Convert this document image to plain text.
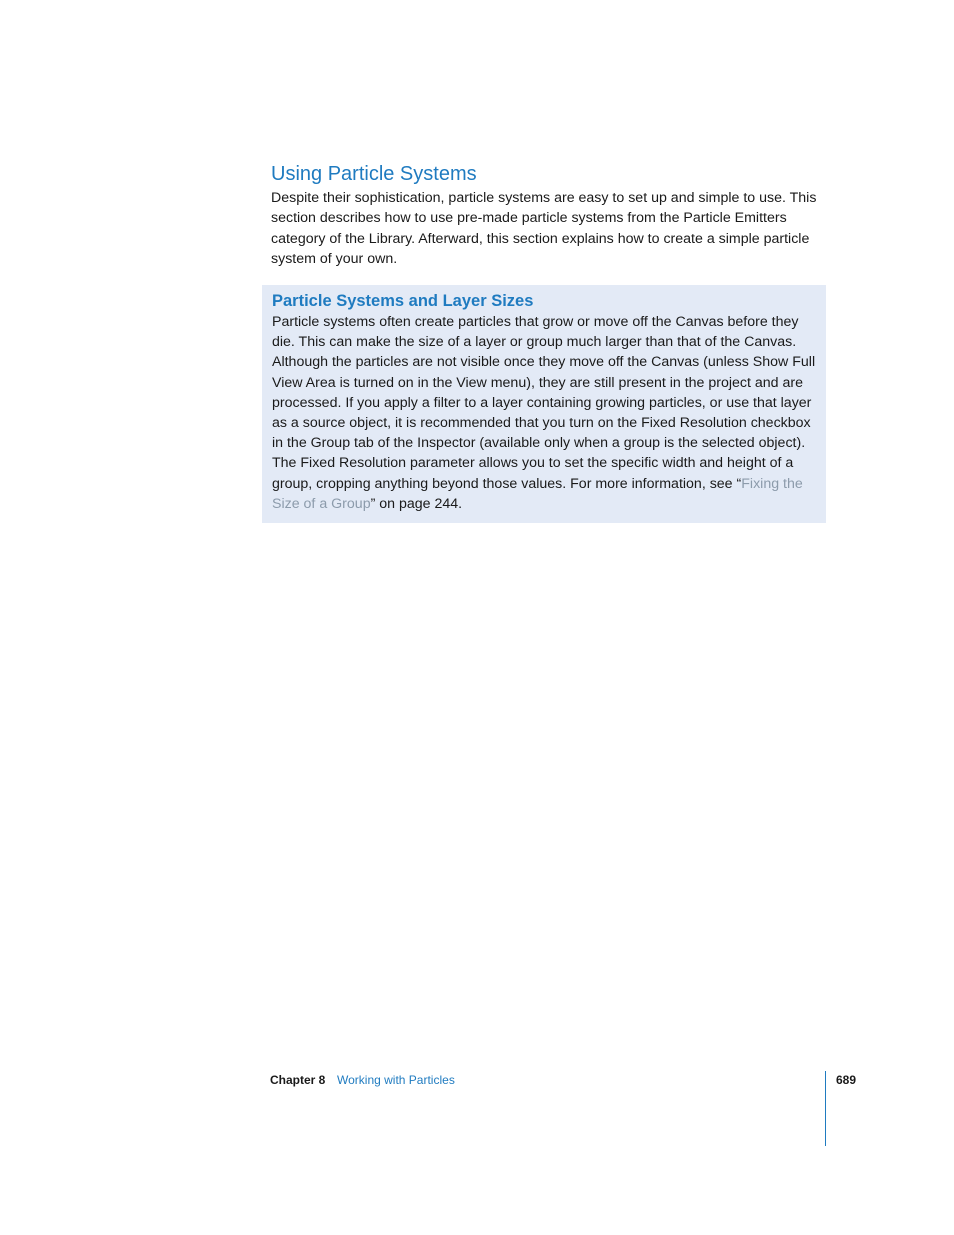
Using Particle Systems

Despite their sophistication, particle systems are easy to set up and simple to use. This section describes how to use pre-made particle systems from the Particle Emitters category of the Library. Afterward, this section explains how to create a simple particle system of your own.

Particle Systems and Layer Sizes

Particle systems often create particles that grow or move off the Canvas before they die. This can make the size of a layer or group much larger than that of the Canvas. Although the particles are not visible once they move off the Canvas (unless Show Full View Area is turned on in the View menu), they are still present in the project and are processed. If you apply a filter to a layer containing growing particles, or use that layer as a source object, it is recommended that you turn on the Fixed Resolution checkbox in the Group tab of the Inspector (available only when a group is the selected object). The Fixed Resolution parameter allows you to set the specific width and height of a group, cropping anything beyond those values. For more information, see “Fixing the Size of a Group” on page 244.

Chapter 8 Working with Particles	689
